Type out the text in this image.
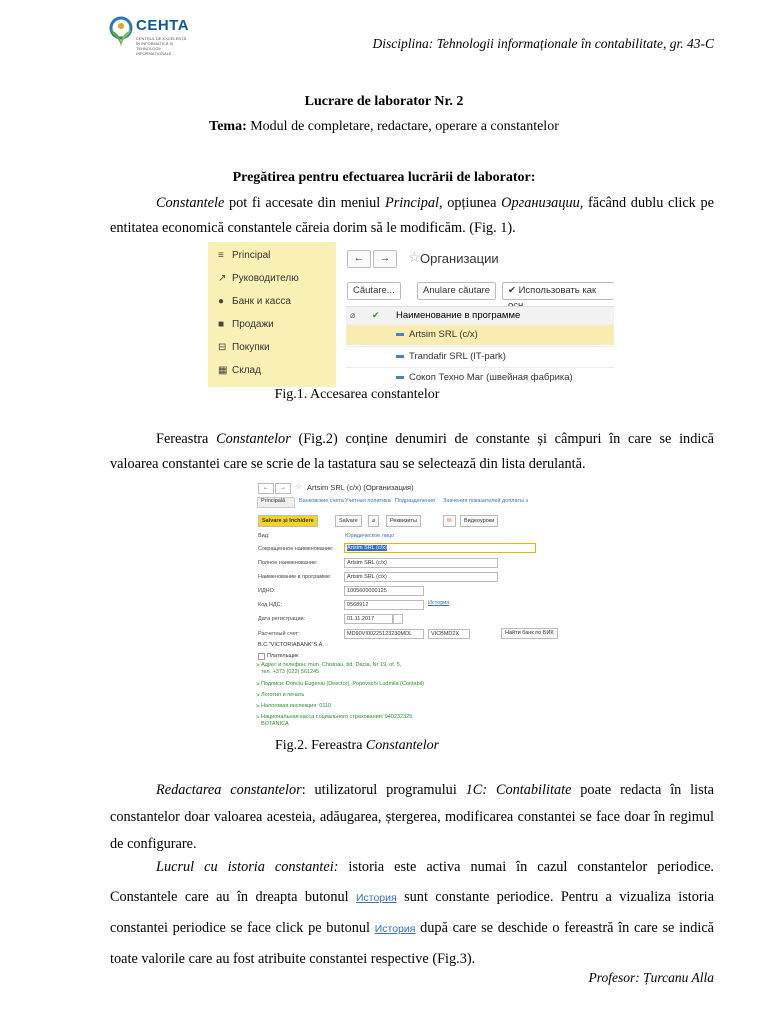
CEHTA
CENTRUL DE EXCELENȚĂ ÎN INFORMATICĂ ȘI TEHNOLOGII INFORMAȚIONALE
Disciplina: Tehnologii informaționale în contabilitate, gr. 43-C
Lucrare de laborator Nr. 2
Tema: Modul de completare, redactare, operare a constantelor
Pregătirea pentru efectuarea lucrării de laborator:
Constantele pot fi accesate din meniul Principal, opțiunea Организации, făcând dublu click pe entitatea economică constantele căreia dorim să le modificăm. (Fig. 1).
≡ Principal
↗ Руководителю
● Банк и касса
■ Продажи
⊟ Покупки
▦ Склад
←	→	☆ Организации
Căutare...	Anulare căutare	✔ Использовать как
⌀ ✔ Наименование в программе
Artsim SRL (c/x)
Trandafir SRL (IT-park)
Сокоп Техно Маг (швейная фабрика)
Fig.1. Accesarea constantelor
Fereastra Constantelor (Fig.2) conține denumiri de constante și câmpuri în care se indică valoarea constantei care se scrie de la tastatura sau se selectează din lista derulantă.
←	→	☆ Artsim SRL (c/x) (Организация)
Principală	Банковские счета Учетная политика Подразделения Значения показателей доплаты з
Salvare și închidere	Salvare	⌀	Реквизиты	✉	Видеоуроки
Вид:	Юридическое лицо
Сокращенное наименование:	Artsim SRL (c/x)
Полное наименование:	Artsim SRL (c/x)
Наименование в программе:	Artsim SRL (c/x)
ИДНО:	1005600000125
Код НДС:	0568912	История
Дата регистрации:	01.11.2017
Расчетный счет:	MD90VI00225123230MDL	VICBMD2X	Найти банк по БИК
B.C."VICTORIABANK"S.A.
Плательщик
> Адрес и телефон: mun. Chisinau, bd. Dacia, Nr 19, of. 5,
тел. +373 (022) 561245
> Подписи: Donciu Eugeniu (Director), Popovschi Ludmila (Contabil)
> Логотип и печать
> Налоговая инспекция: 0110
> Национальная касса социального страхования: 940232325
BOTANICA
Fig.2. Fereastra Constantelor
Redactarea constantelor: utilizatorul programului 1C: Contabilitate poate redacta în lista constantelor doar valoarea acesteia, adăugarea, ștergerea, modificarea constantei se face doar în regimul de configurare.
Lucrul cu istoria constantei: istoria este activa numai în cazul constantelor periodice. Constantele care au în dreapta butonul История sunt constante periodice. Pentru a vizualiza istoria constantei periodice se face click pe butonul История după care se deschide o fereastră în care se indică toate valorile care au fost atribuite constantei respective (Fig.3).
Profesor: Țurcanu Alla
